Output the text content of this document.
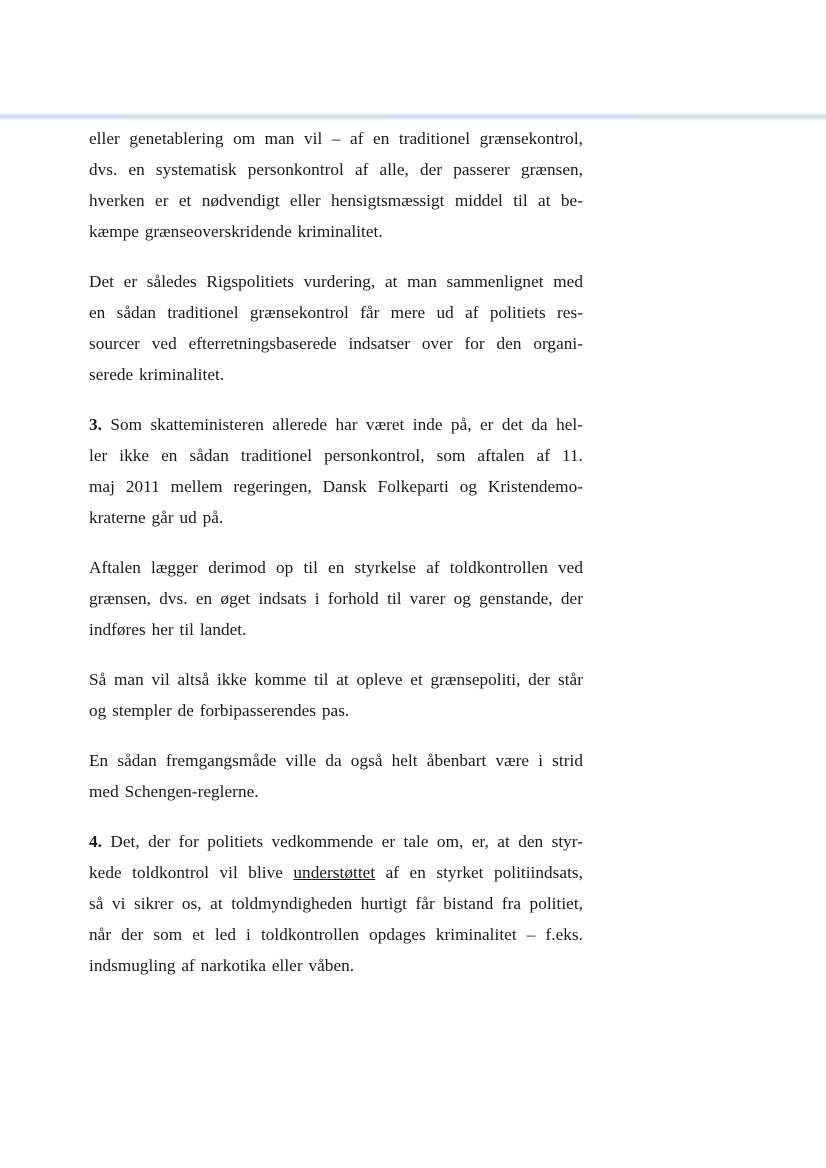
eller genetablering om man vil – af en traditionel grænsekontrol,
dvs. en systematisk personkontrol af alle, der passerer grænsen,
hverken er et nødvendigt eller hensigtsmæssigt middel til at be-
kæmpe grænseoverskridende kriminalitet.

Det er således Rigspolitiets vurdering, at man sammenlignet med
en sådan traditionel grænsekontrol får mere ud af politiets res-
sourcer ved efterretningsbaserede indsatser over for den organi-
serede kriminalitet.

3. Som skatteministeren allerede har været inde på, er det da hel-
ler ikke en sådan traditionel personkontrol, som aftalen af 11.
maj 2011 mellem regeringen, Dansk Folkeparti og Kristendemo-
kraterne går ud på.

Aftalen lægger derimod op til en styrkelse af toldkontrollen ved
grænsen, dvs. en øget indsats i forhold til varer og genstande, der
indføres her til landet.

Så man vil altså ikke komme til at opleve et grænsepoliti, der står
og stempler de forbipasserendes pas.

En sådan fremgangsmåde ville da også helt åbenbart være i strid
med Schengen-reglerne.

4. Det, der for politiets vedkommende er tale om, er, at den styr-
kede toldkontrol vil blive understøttet af en styrket politiindsats,
så vi sikrer os, at toldmyndigheden hurtigt får bistand fra politiet,
når der som et led i toldkontrollen opdages kriminalitet – f.eks.
indsmugling af narkotika eller våben.
